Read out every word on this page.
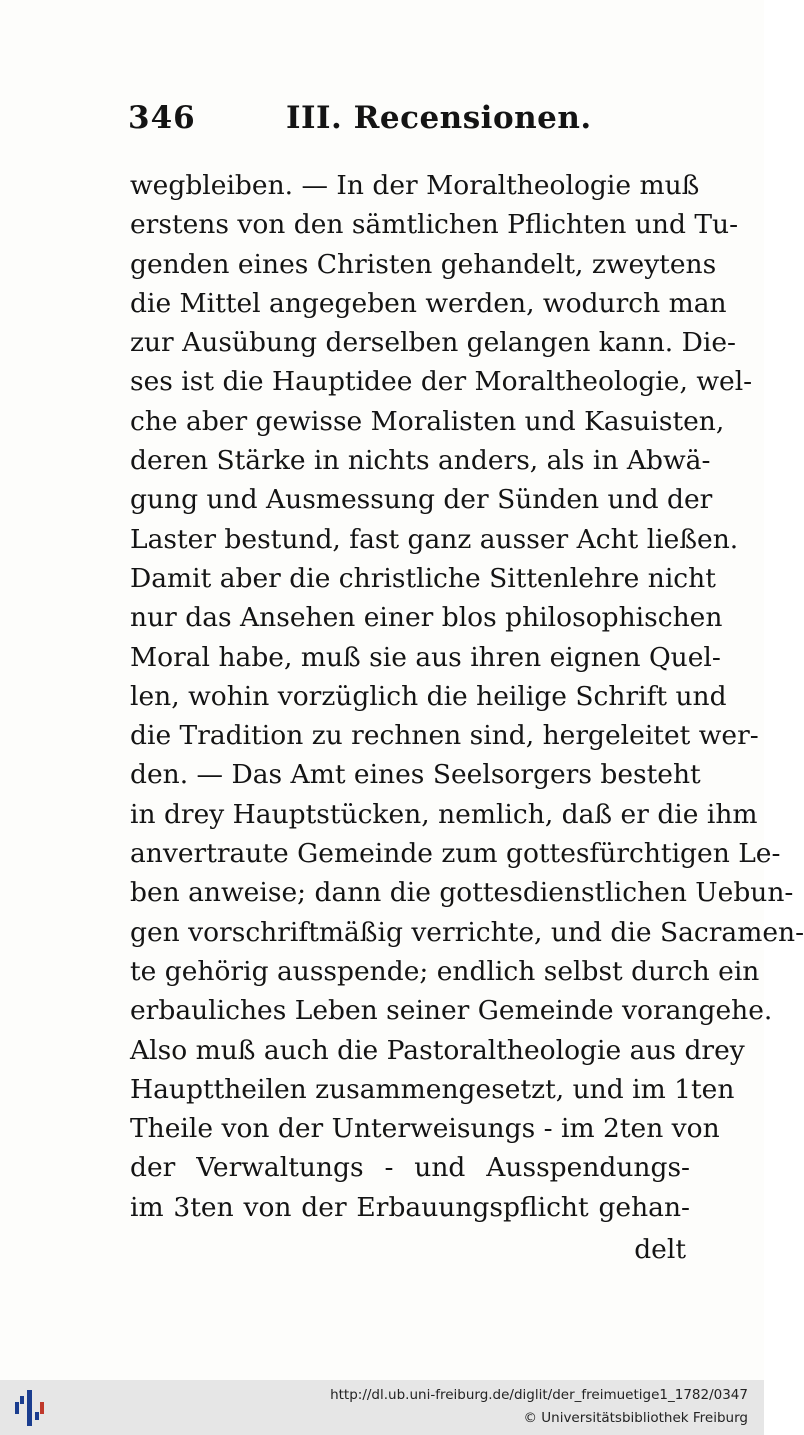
346	III. Recensionen.
wegbleiben. — In der Moraltheologie muß
erstens von den sämtlichen Pflichten und Tu-
genden eines Christen gehandelt, zweytens
die Mittel angegeben werden, wodurch man
zur Ausübung derselben gelangen kann. Die-
ses ist die Hauptidee der Moraltheologie, wel-
che aber gewisse Moralisten und Kasuisten,
deren Stärke in nichts anders, als in Abwä-
gung und Ausmessung der Sünden und der
Laster bestund, fast ganz ausser Acht ließen.
Damit aber die christliche Sittenlehre nicht
nur das Ansehen einer blos philosophischen
Moral habe, muß sie aus ihren eignen Quel-
len, wohin vorzüglich die heilige Schrift und
die Tradition zu rechnen sind, hergeleitet wer-
den. — Das Amt eines Seelsorgers besteht
in drey Hauptstücken, nemlich, daß er die ihm
anvertraute Gemeinde zum gottesfürchtigen Le-
ben anweise; dann die gottesdienstlichen Uebun-
gen vorschriftmäßig verrichte, und die Sacramen-
te gehörig ausspende; endlich selbst durch ein
erbauliches Leben seiner Gemeinde vorangehe.
Also muß auch die Pastoraltheologie aus drey
Haupttheilen zusammengesetzt, und im 1ten
Theile von der Unterweisungs - im 2ten von
der Verwaltungs - und Ausspendungs-
im 3ten von der Erbauungspflicht gehan-
delt
http://dl.ub.uni-freiburg.de/diglit/der_freimuetige1_1782/0347
© Universitätsbibliothek Freiburg
